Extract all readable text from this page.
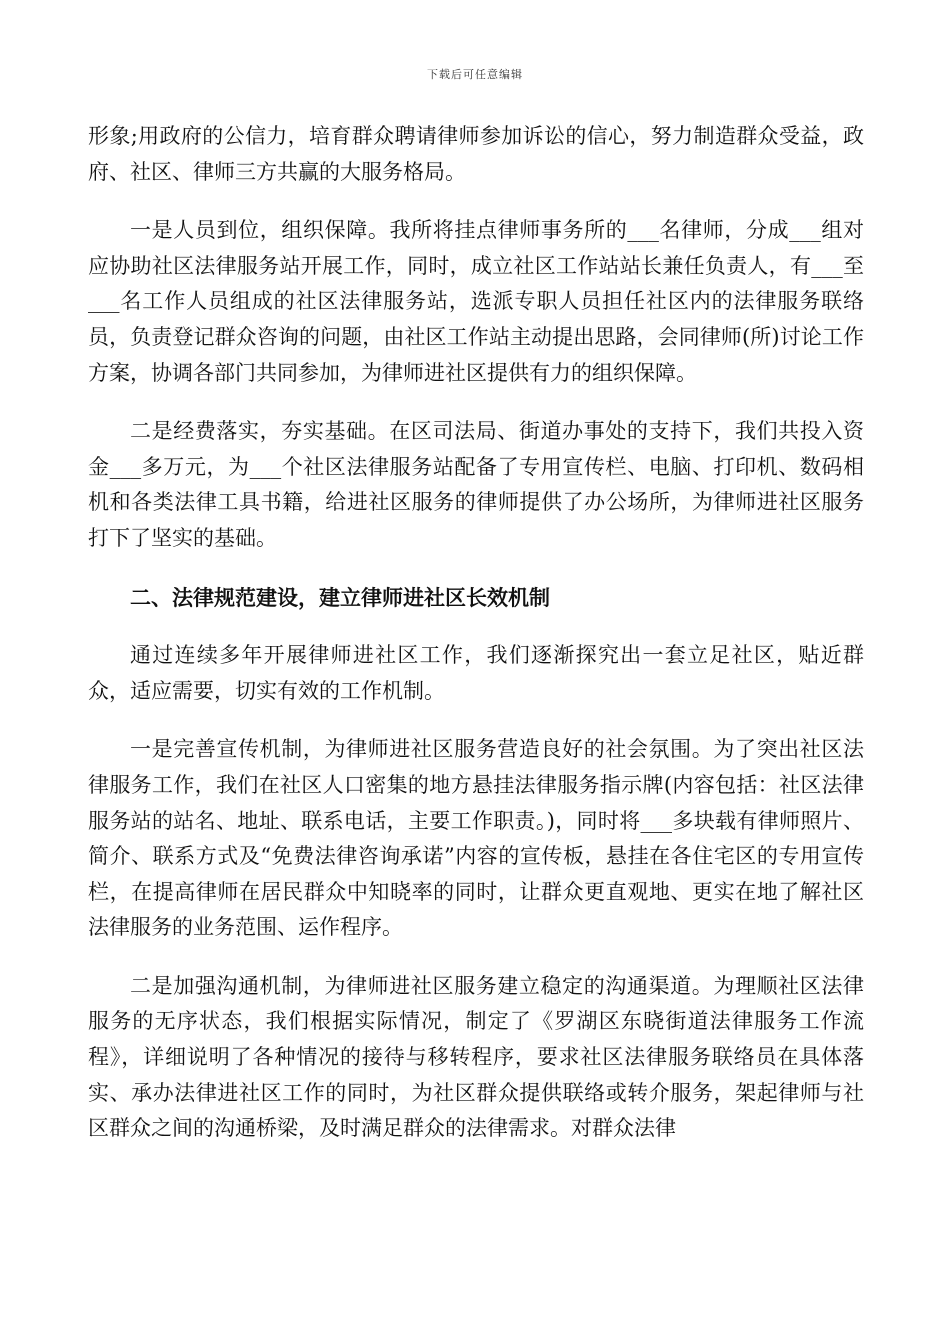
下载后可任意编辑

形象;用政府的公信力，培育群众聘请律师参加诉讼的信心，努力制造群众受益，政府、社区、律师三方共赢的大服务格局。

一是人员到位，组织保障。我所将挂点律师事务所的___名律师，分成___组对应协助社区法律服务站开展工作，同时，成立社区工作站站长兼任负责人，有___至___名工作人员组成的社区法律服务站，选派专职人员担任社区内的法律服务联络员，负责登记群众咨询的问题，由社区工作站主动提出思路，会同律师(所)讨论工作方案，协调各部门共同参加，为律师进社区提供有力的组织保障。

二是经费落实，夯实基础。在区司法局、街道办事处的支持下，我们共投入资金___多万元，为___个社区法律服务站配备了专用宣传栏、电脑、打印机、数码相机和各类法律工具书籍，给进社区服务的律师提供了办公场所，为律师进社区服务打下了坚实的基础。

二、法律规范建设，建立律师进社区长效机制

通过连续多年开展律师进社区工作，我们逐渐探究出一套立足社区，贴近群众，适应需要，切实有效的工作机制。

一是完善宣传机制，为律师进社区服务营造良好的社会氛围。为了突出社区法律服务工作，我们在社区人口密集的地方悬挂法律服务指示牌(内容包括：社区法律服务站的站名、地址、联系电话，主要工作职责。)，同时将___多块载有律师照片、简介、联系方式及“免费法律咨询承诺”内容的宣传板，悬挂在各住宅区的专用宣传栏，在提高律师在居民群众中知晓率的同时，让群众更直观地、更实在地了解社区法律服务的业务范围、运作程序。

二是加强沟通机制，为律师进社区服务建立稳定的沟通渠道。为理顺社区法律服务的无序状态，我们根据实际情况，制定了《罗湖区东晓街道法律服务工作流程》，详细说明了各种情况的接待与移转程序，要求社区法律服务联络员在具体落实、承办法律进社区工作的同时，为社区群众提供联络或转介服务，架起律师与社区群众之间的沟通桥梁，及时满足群众的法律需求。对群众法律
